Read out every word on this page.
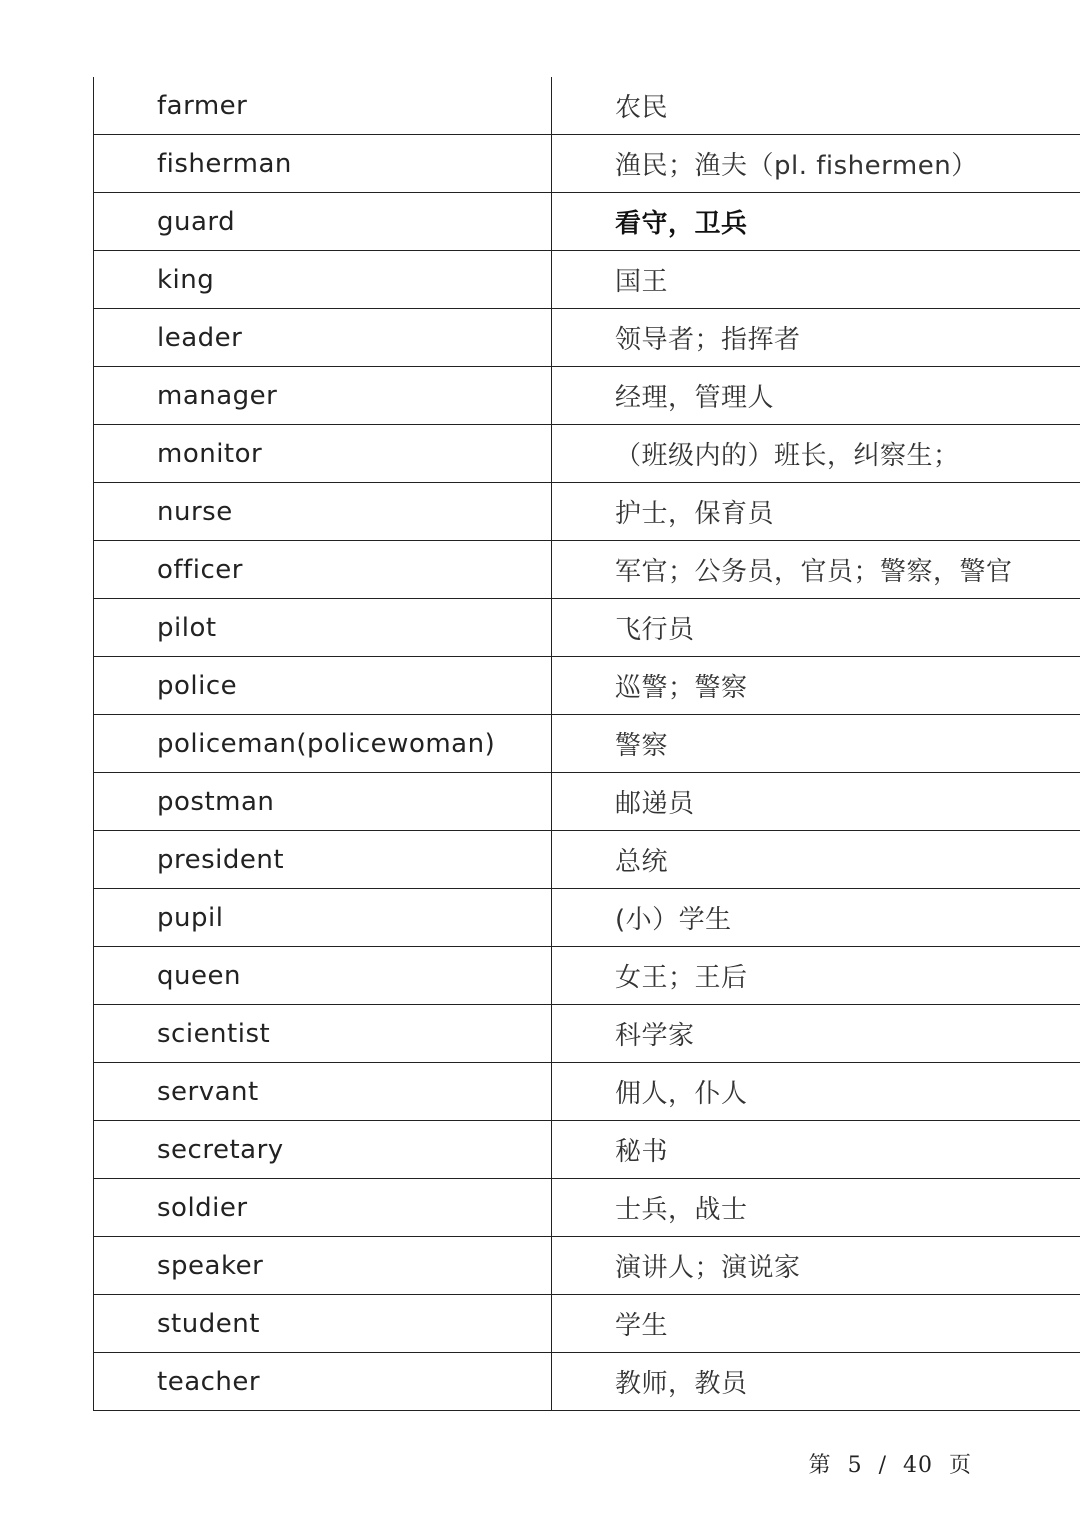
farmer	农民
fisherman	渔民；渔夫（pl. fishermen）
guard	看守，卫兵
king	国王
leader	领导者；指挥者
manager	经理，管理人
monitor	（班级内的）班长，纠察生；
nurse	护士，保育员
officer	军官；公务员，官员；警察，警官
pilot	飞行员
police	巡警；警察
policeman(policewoman)	警察
postman	邮递员
president	总统
pupil	(小）学生
queen	女王；王后
scientist	科学家
servant	佣人，仆人
secretary	秘书
soldier	士兵，战士
speaker	演讲人；演说家
student	学生
teacher	教师，教员
第 5 / 40 页
